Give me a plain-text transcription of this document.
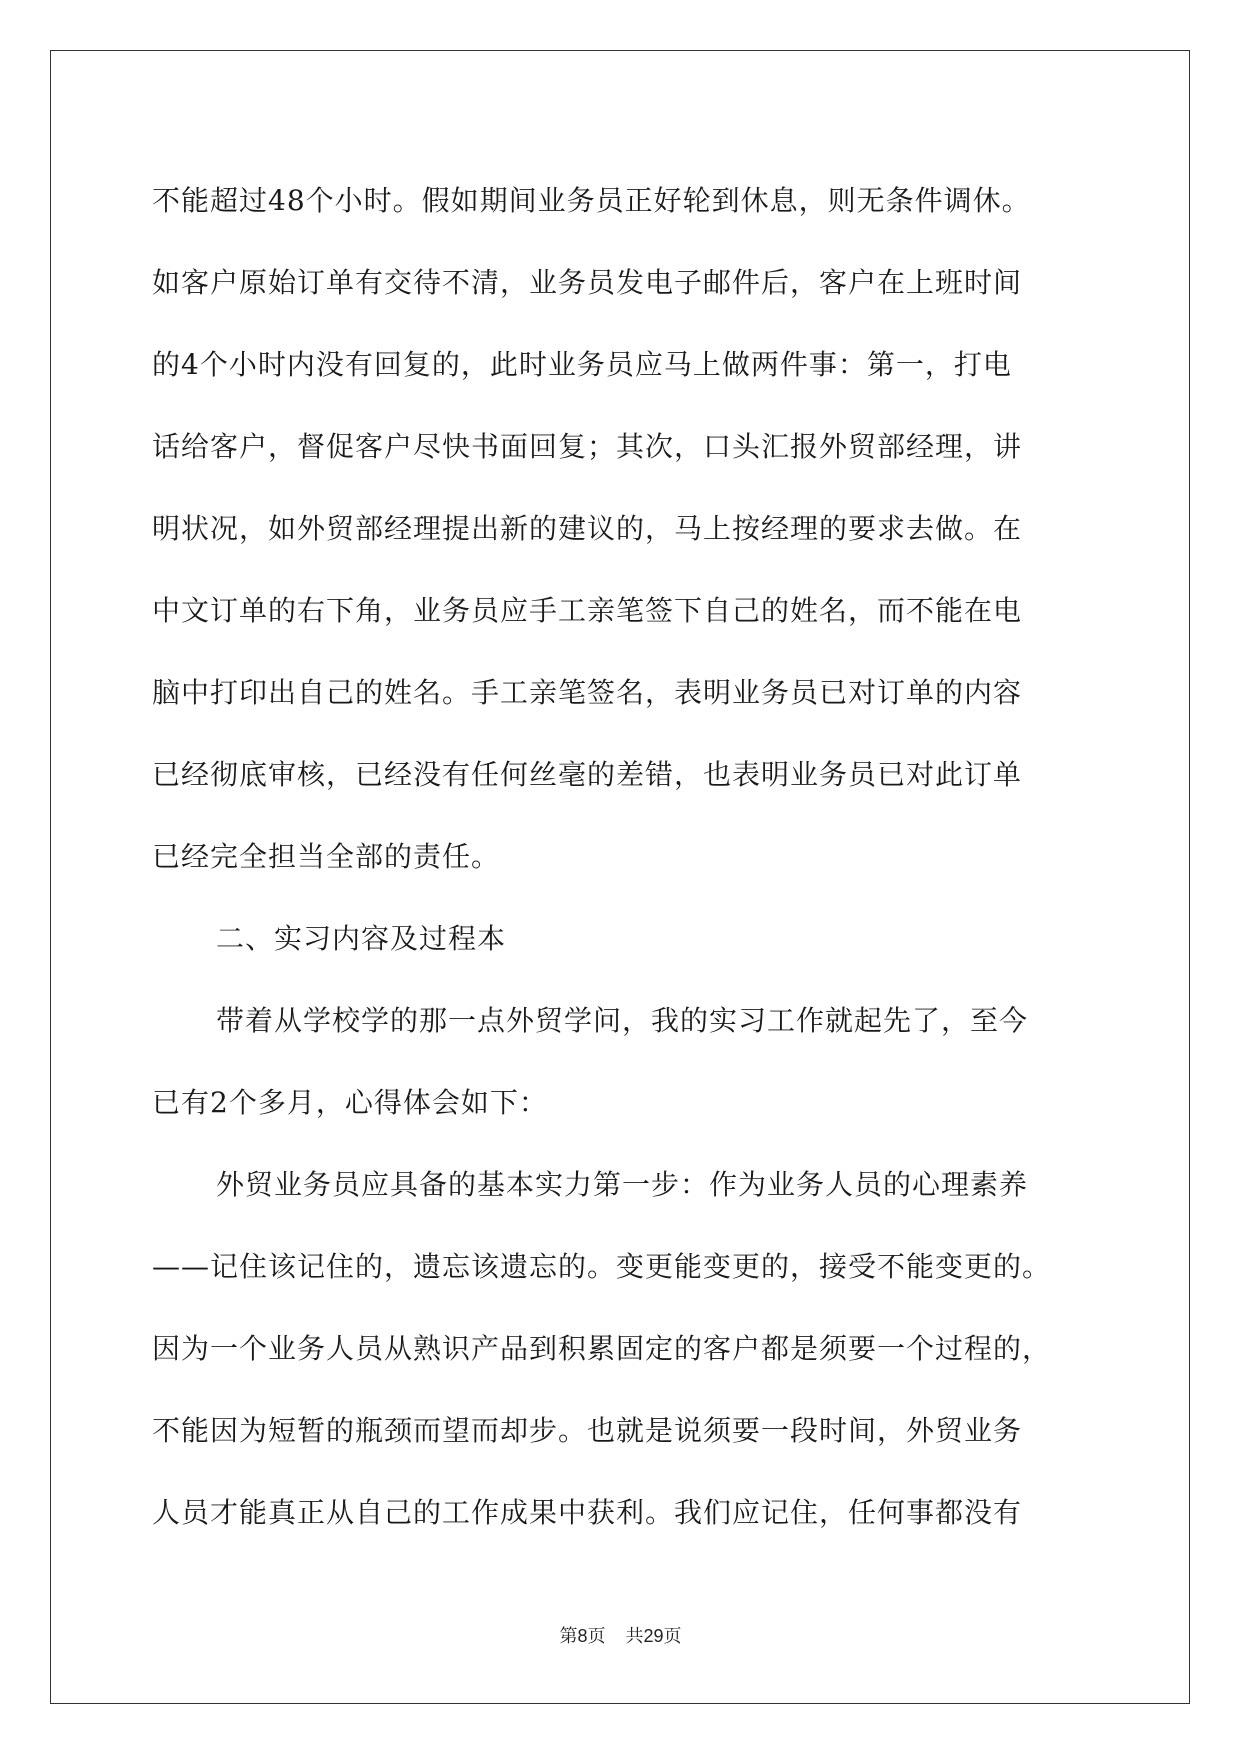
不能超过48个小时。假如期间业务员正好轮到休息，则无条件调休。

如客户原始订单有交待不清，业务员发电子邮件后，客户在上班时间

的4个小时内没有回复的，此时业务员应马上做两件事：第一，打电

话给客户，督促客户尽快书面回复；其次，口头汇报外贸部经理，讲

明状况，如外贸部经理提出新的建议的，马上按经理的要求去做。在

中文订单的右下角，业务员应手工亲笔签下自己的姓名，而不能在电

脑中打印出自己的姓名。手工亲笔签名，表明业务员已对订单的内容

已经彻底审核，已经没有任何丝毫的差错，也表明业务员已对此订单

已经完全担当全部的责任。

二、实习内容及过程本

带着从学校学的那一点外贸学问，我的实习工作就起先了，至今

已有2个多月，心得体会如下：

外贸业务员应具备的基本实力第一步：作为业务人员的心理素养

——记住该记住的，遗忘该遗忘的。变更能变更的，接受不能变更的。

因为一个业务人员从熟识产品到积累固定的客户都是须要一个过程的，

不能因为短暂的瓶颈而望而却步。也就是说须要一段时间，外贸业务

人员才能真正从自己的工作成果中获利。我们应记住，任何事都没有

第8页 共29页
